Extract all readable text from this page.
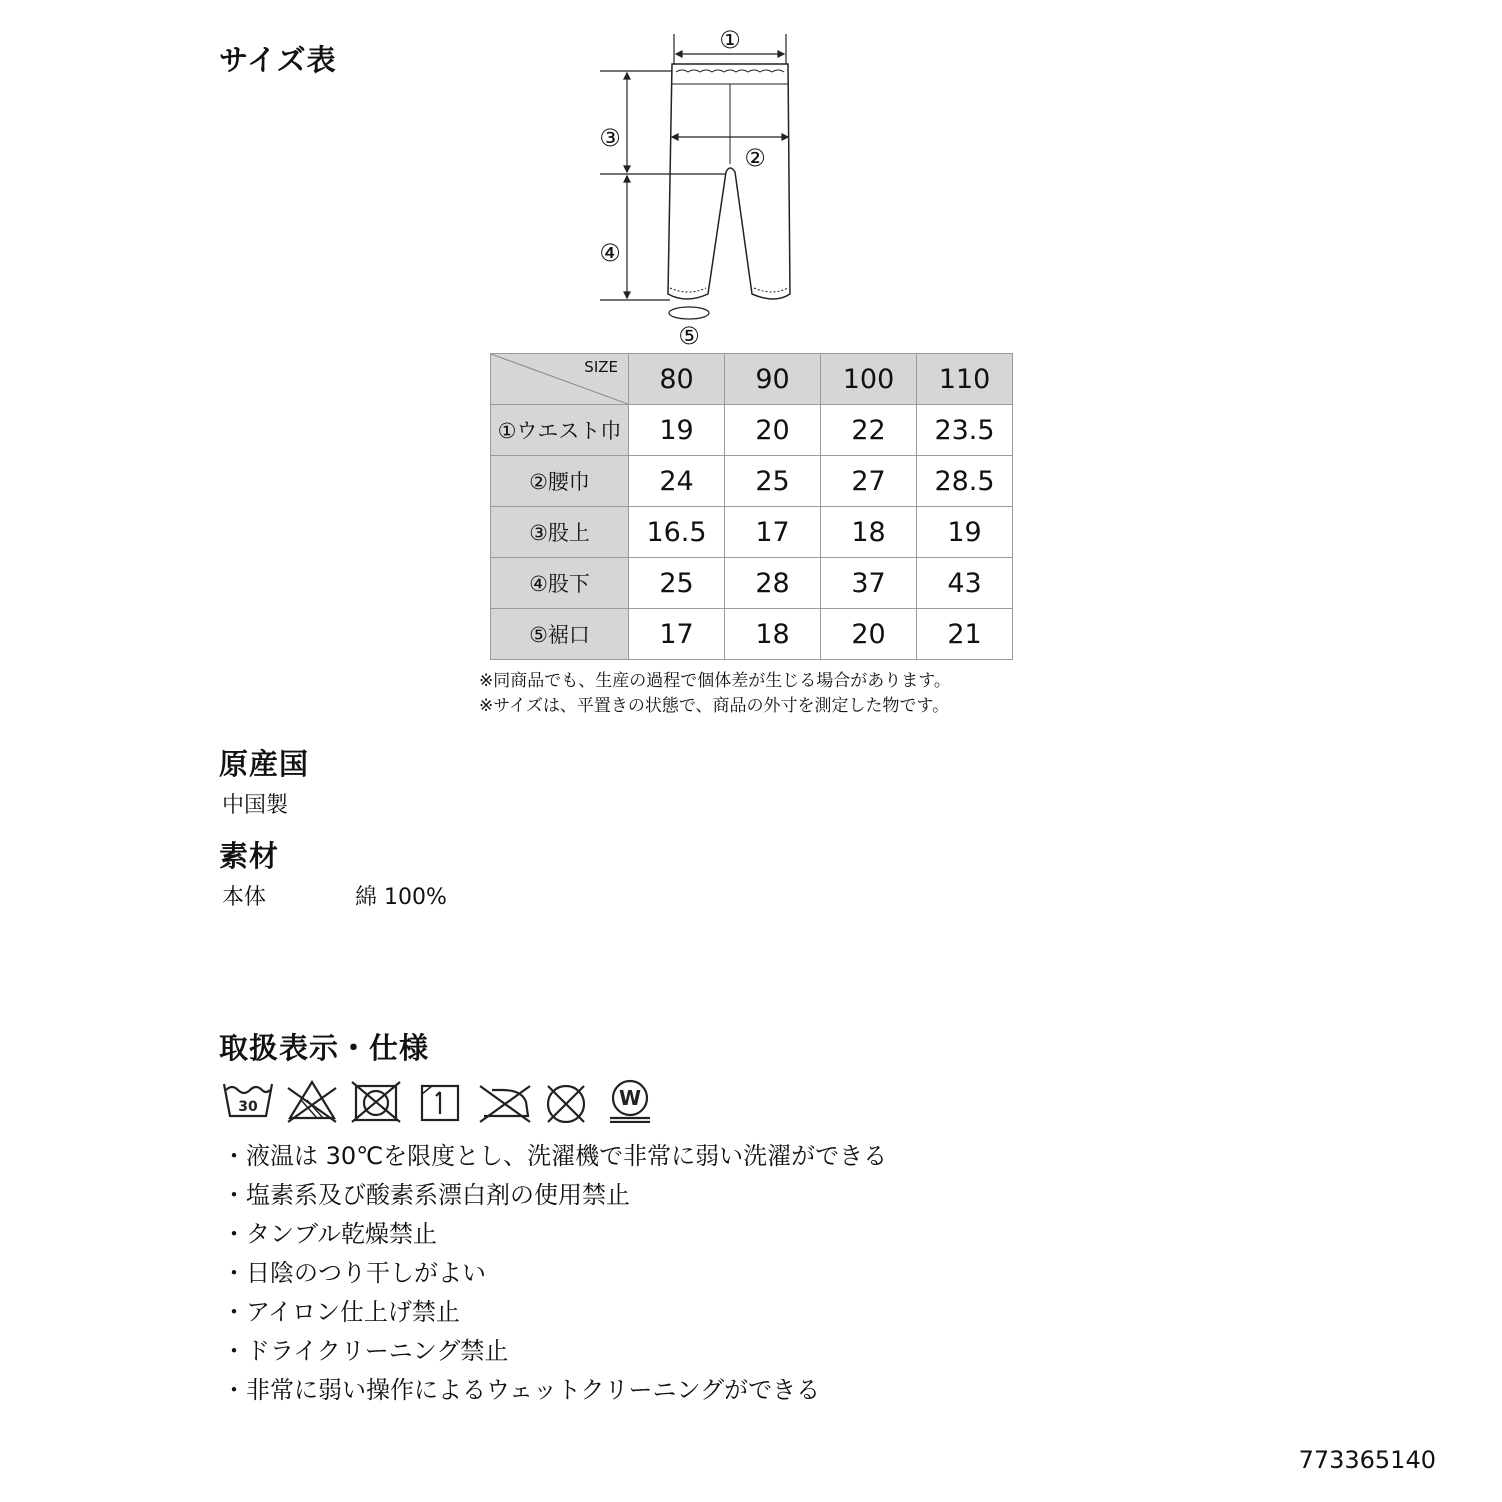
サイズ表
①
②
③
④
⑤
SIZE	80	90	100	110
①ウエスト巾	19	20	22	23.5
②腰巾	24	25	27	28.5
③股上	16.5	17	18	19
④股下	25	28	37	43
⑤裾口	17	18	20	21
※同商品でも、生産の過程で個体差が生じる場合があります。
※サイズは、平置きの状態で、商品の外寸を測定した物です。
原産国
中国製
素材
本体	綿 100%
取扱表示・仕様
30	W
・液温は 30℃を限度とし、洗濯機で非常に弱い洗濯ができる
・塩素系及び酸素系漂白剤の使用禁止
・タンブル乾燥禁止
・日陰のつり干しがよい
・アイロン仕上げ禁止
・ドライクリーニング禁止
・非常に弱い操作によるウェットクリーニングができる
773365140
